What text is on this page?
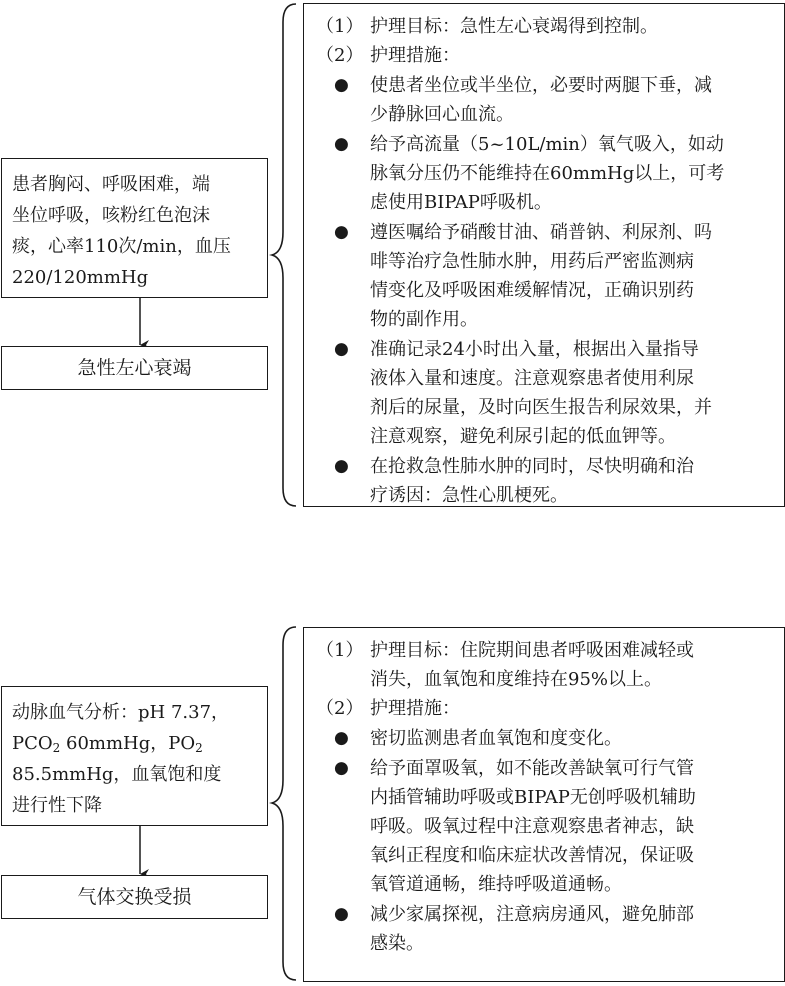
患者胸闷、呼吸困难，端
坐位呼吸，咳粉红色泡沫
痰，心率110次/min，血压
220/120mmHg
急性左心衰竭
（1） 护理目标：急性左心衰竭得到控制。
（2） 护理措施：
●	使患者坐位或半坐位，必要时两腿下垂，减
少静脉回心血流。
●	给予高流量（5~10L/min）氧气吸入，如动
脉氧分压仍不能维持在60mmHg以上，可考
虑使用BIPAP呼吸机。
●	遵医嘱给予硝酸甘油、硝普钠、利尿剂、吗
啡等治疗急性肺水肿，用药后严密监测病
情变化及呼吸困难缓解情况，正确识别药
物的副作用。
●	准确记录24小时出入量，根据出入量指导
液体入量和速度。注意观察患者使用利尿
剂后的尿量，及时向医生报告利尿效果，并
注意观察，避免利尿引起的低血钾等。
●	在抢救急性肺水肿的同时，尽快明确和治
疗诱因：急性心肌梗死。
动脉血气分析：pH 7.37，
$PCO_2$ 60mmHg，$PO_2$
85.5mmHg，血氧饱和度
进行性下降
气体交换受损
（1） 护理目标：住院期间患者呼吸困难减轻或
消失，血氧饱和度维持在95%以上。
（2） 护理措施：
●	密切监测患者血氧饱和度变化。
●	给予面罩吸氧，如不能改善缺氧可行气管
内插管辅助呼吸或BIPAP无创呼吸机辅助
呼吸。吸氧过程中注意观察患者神志，缺
氧纠正程度和临床症状改善情况，保证吸
氧管道通畅，维持呼吸道通畅。
●	减少家属探视，注意病房通风，避免肺部
感染。
